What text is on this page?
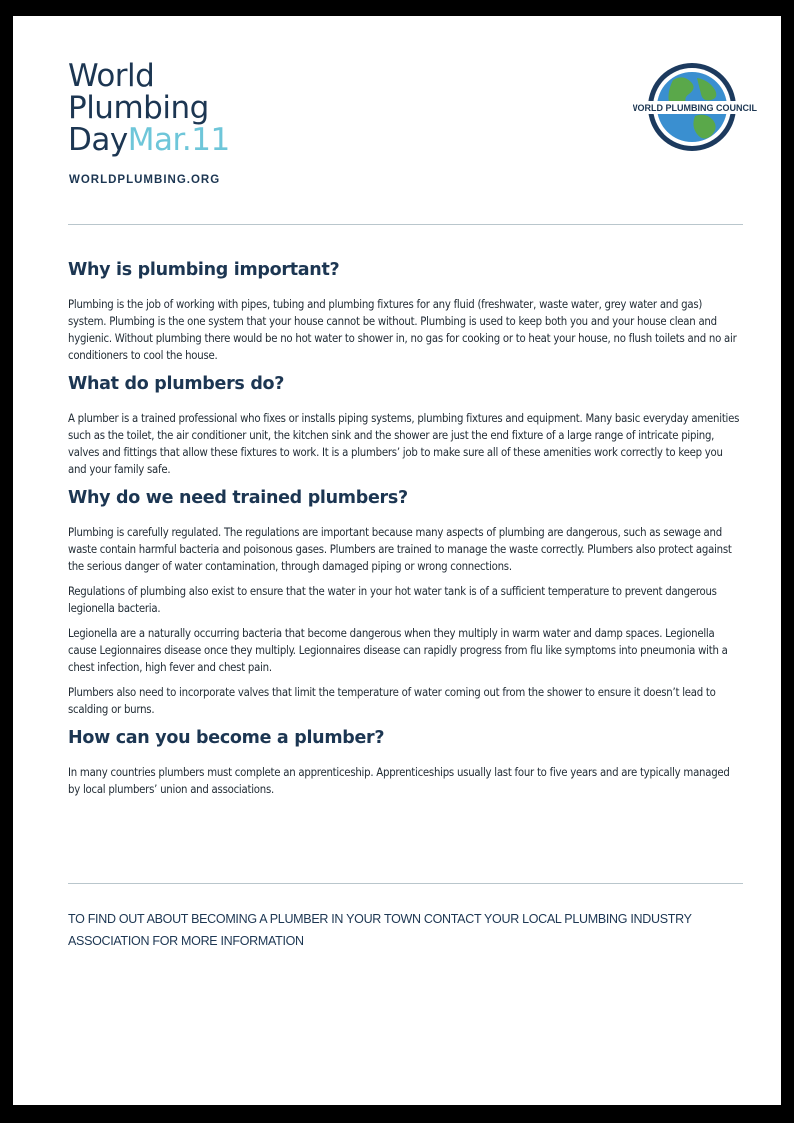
World
Plumbing
DayMar.11
WORLDPLUMBING.ORG
WORLD PLUMBING COUNCIL
Why is plumbing important?

Plumbing is the job of working with pipes, tubing and plumbing fixtures for any fluid (freshwater, waste water, grey water and gas) system. Plumbing is the one system that your house cannot be without. Plumbing is used to keep both you and your house clean and hygienic. Without plumbing there would be no hot water to shower in, no gas for cooking or to heat your house, no flush toilets and no air conditioners to cool the house.

What do plumbers do?

A plumber is a trained professional who fixes or installs piping systems, plumbing fixtures and equipment. Many basic everyday amenities such as the toilet, the air conditioner unit, the kitchen sink and the shower are just the end fixture of a large range of intricate piping, valves and fittings that allow these fixtures to work. It is a plumbers’ job to make sure all of these amenities work correctly to keep you and your family safe.

Why do we need trained plumbers?

Plumbing is carefully regulated. The regulations are important because many aspects of plumbing are dangerous, such as sewage and waste contain harmful bacteria and poisonous gases. Plumbers are trained to manage the waste correctly. Plumbers also protect against the serious danger of water contamination, through damaged piping or wrong connections.

Regulations of plumbing also exist to ensure that the water in your hot water tank is of a sufficient temperature to prevent dangerous legionella bacteria.

Legionella are a naturally occurring bacteria that become dangerous when they multiply in warm water and damp spaces. Legionella cause Legionnaires disease once they multiply. Legionnaires disease can rapidly progress from flu like symptoms into pneumonia with a chest infection, high fever and chest pain.

Plumbers also need to incorporate valves that limit the temperature of water coming out from the shower to ensure it doesn’t lead to scalding or burns.

How can you become a plumber?

In many countries plumbers must complete an apprenticeship. Apprenticeships usually last four to five years and are typically managed by local plumbers’ union and associations.

TO FIND OUT ABOUT BECOMING A PLUMBER IN YOUR TOWN CONTACT YOUR LOCAL PLUMBING INDUSTRY ASSOCIATION FOR MORE INFORMATION
